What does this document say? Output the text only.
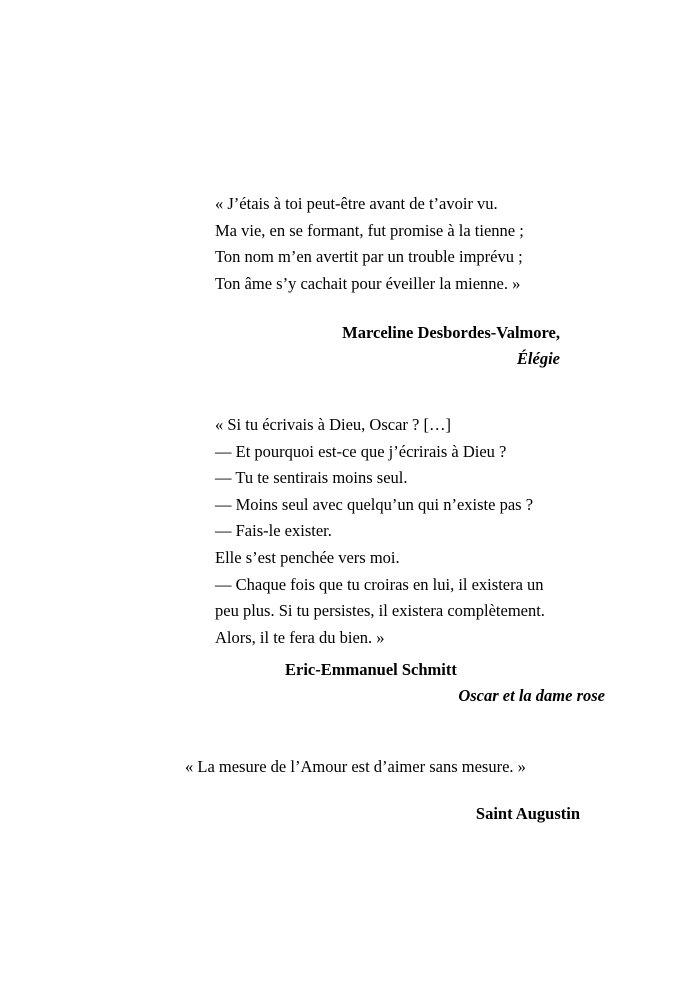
« J’étais à toi peut-être avant de t’avoir vu.
Ma vie, en se formant, fut promise à la tienne ;
Ton nom m’en avertit par un trouble imprévu ;
Ton âme s’y cachait pour éveiller la mienne. »
Marceline Desbordes-Valmore,
Élégie
« Si tu écrivais à Dieu, Oscar ? […]
— Et pourquoi est-ce que j’écrirais à Dieu ?
— Tu te sentirais moins seul.
— Moins seul avec quelqu’un qui n’existe pas ?
— Fais-le exister.
Elle s’est penchée vers moi.
— Chaque fois que tu croiras en lui, il existera un
peu plus. Si tu persistes, il existera complètement.
Alors, il te fera du bien. »
Eric-Emmanuel Schmitt
Oscar et la dame rose
« La mesure de l’Amour est d’aimer sans mesure. »
Saint Augustin
